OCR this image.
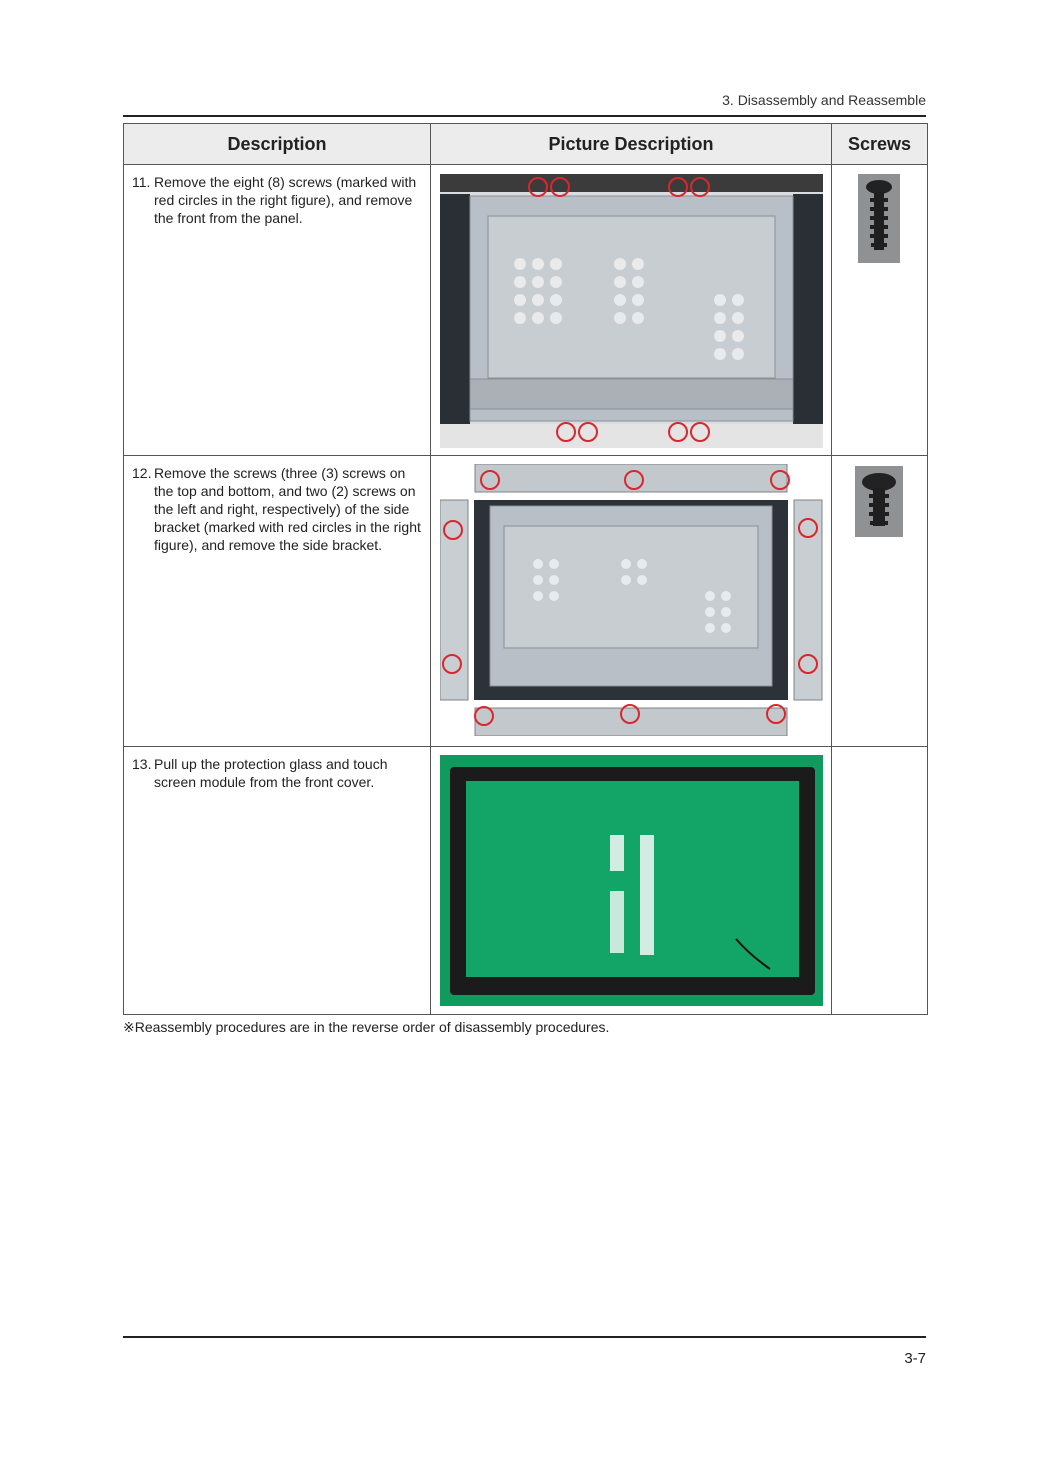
3. Disassembly and Reassemble
Description	Picture Description	Screws

11. Remove the eight (8) screws (marked with red circles in the right figure), and remove the front from the panel.

12. Remove the screws (three (3) screws on the top and bottom, and two (2) screws on the left and right, respectively) of the side bracket (marked with red circles in the right figure), and remove the side bracket.

13. Pull up the protection glass and touch screen module from the front cover.

※Reassembly procedures are in the reverse order of disassembly procedures.
3-7
